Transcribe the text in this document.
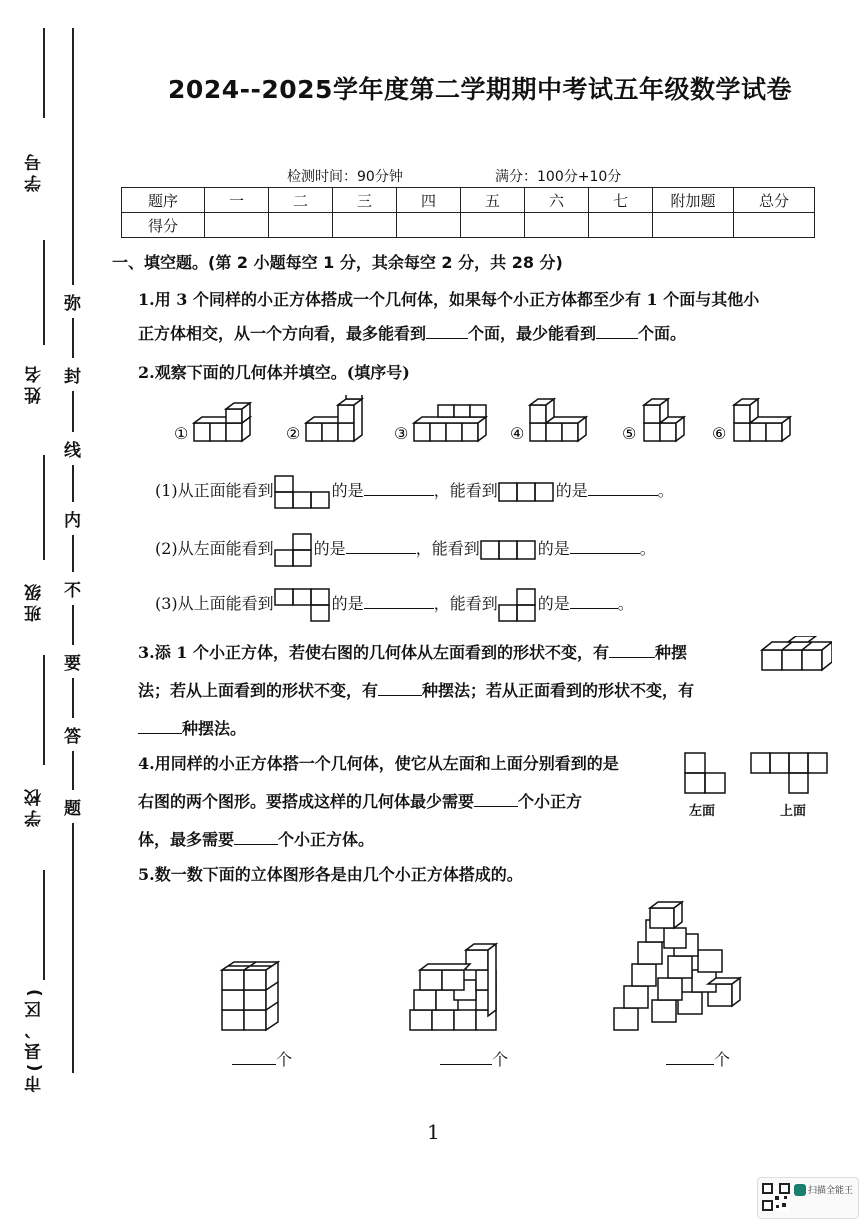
学号
姓名
班级
学校
市(县、区)
弥
封
线
内
不
要
答
题
2024--2025学年度第二学期期中考试五年级数学试卷
检测时间：90分钟	满分：100分+10分
题序	一	二	三	四	五	六	七	附加题	总分
得分									
一、填空题。(第 2 小题每空 1 分，其余每空 2 分，共 28 分)
1.用 3 个同样的小正方体搭成一个几何体，如果每个小正方体都至少有 1 个面与其他小
正方体相交，从一个方向看，最多能看到	个面，最少能看到	个面。
2.观察下面的几何体并填空。(填序号)
①	②	③	④	⑤	⑥
(1)从正面能看到	的是	，能看到	的是	。
(2)从左面能看到	的是	，能看到	的是	。
(3)从上面能看到	的是	，能看到	的是	。
3.添 1 个小正方体，若使右图的几何体从左面看到的形状不变，有	种摆
法；若从上面看到的形状不变，有	种摆法；若从正面看到的形状不变，有
种摆法。
4.用同样的小正方体搭一个几何体，使它从左面和上面分别看到的是
右图的两个图形。要搭成这样的几何体最少需要	个小正方
体，最多需要	个小正方体。
左面	上面
5.数一数下面的立体图形各是由几个小正方体搭成的。
个	个	个
1
扫描全能王
